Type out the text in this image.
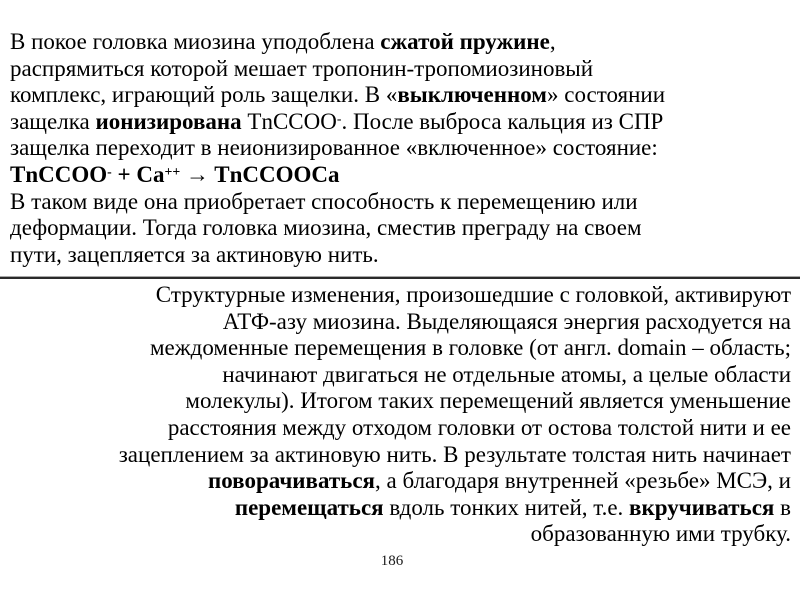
В покое головка миозина уподоблена сжатой пружине,
распрямиться которой мешает тропонин-тропомиозиновый
комплекс, играющий роль защелки. В «выключенном» состоянии
защелка ионизирована TnCCOO-. После выброса кальция из СПР
защелка переходит в неионизированное «включенное» состояние:
TnCCOO- + Ca++ → TnCCOOCa
В таком виде она приобретает способность к перемещению или
деформации. Тогда головка миозина, сместив преграду на своем
пути, зацепляется за актиновую нить.
Структурные изменения, произошедшие с головкой, активируют
АТФ-азу миозина. Выделяющаяся энергия расходуется на
междоменные перемещения в головке (от англ. domain – область;
начинают двигаться не отдельные атомы, а целые области
молекулы). Итогом таких перемещений является уменьшение
расстояния между отходом головки от остова толстой нити и ее
зацеплением за актиновую нить. В результате толстая нить начинает
поворачиваться, а благодаря внутренней «резьбе» МСЭ, и
перемещаться вдоль тонких нитей, т.е. вкручиваться в
образованную ими трубку.
186
